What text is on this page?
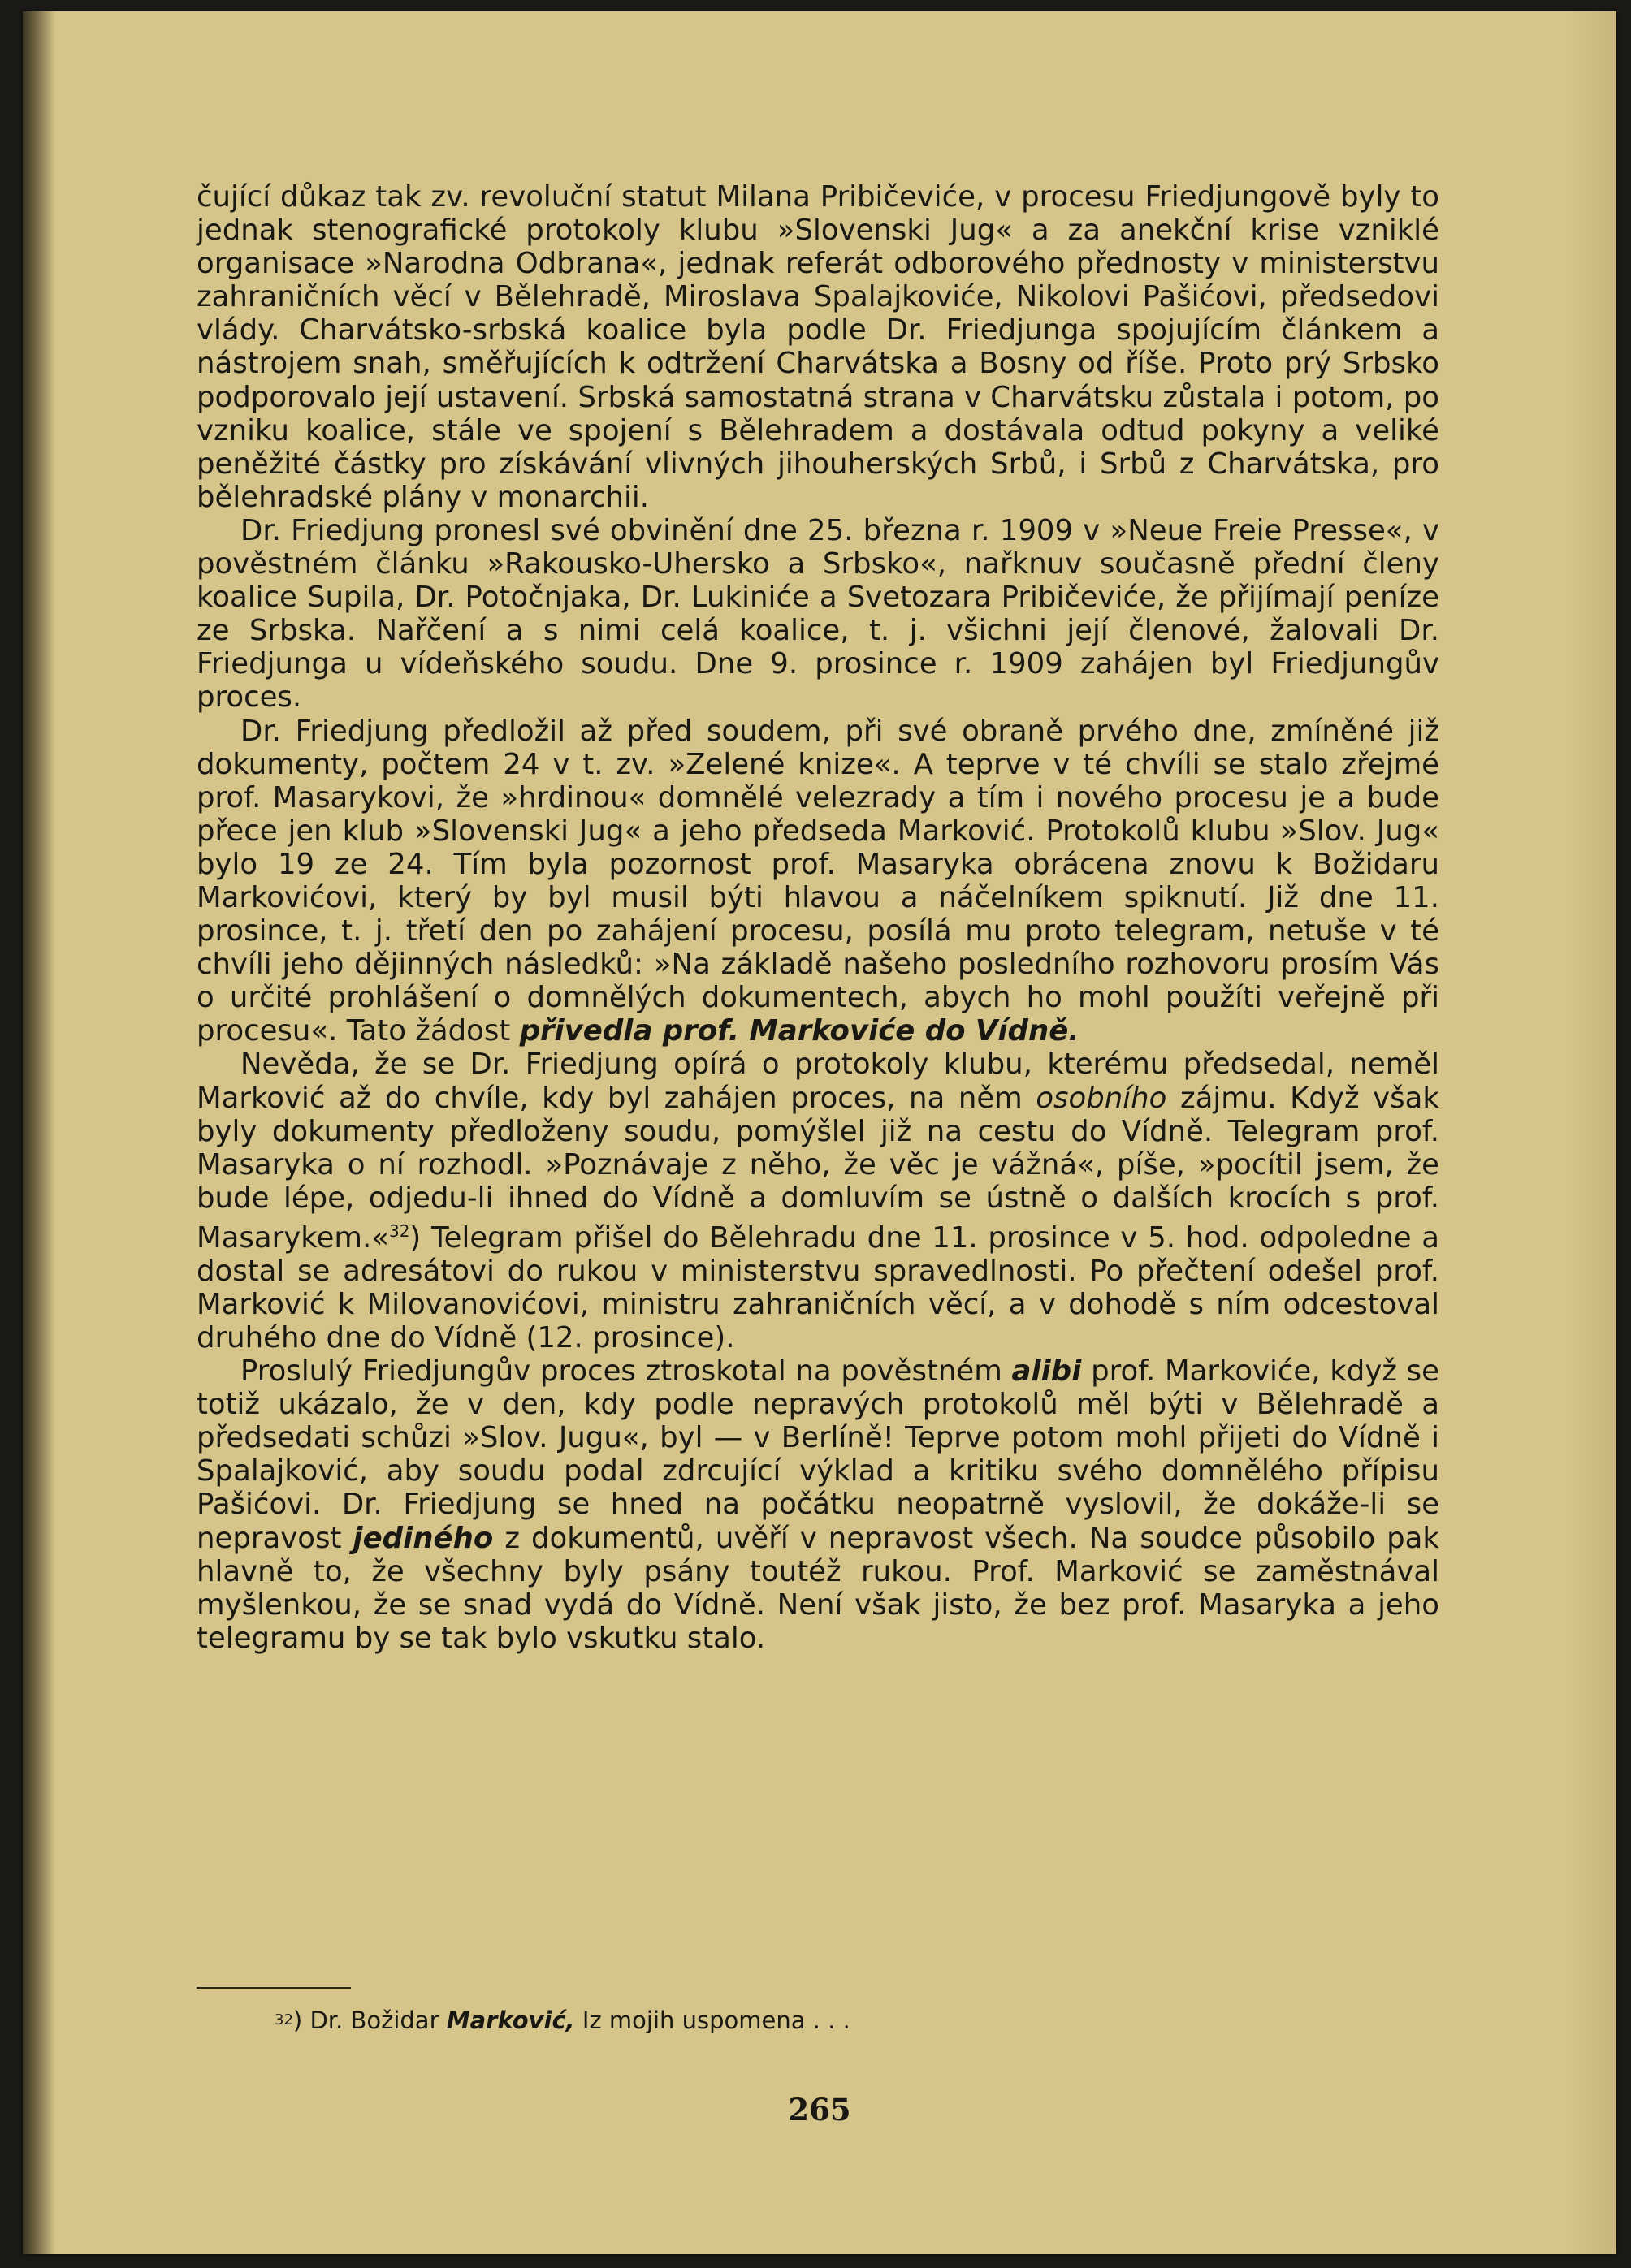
čující důkaz tak zv. revoluční statut Milana Pribičeviće, v procesu Friedjungově byly to jednak stenografické protokoly klubu »Slovenski Jug« a za anekční krise vzniklé organisace »Narodna Odbrana«, jednak referát odborového přednosty v ministerstvu zahraničních věcí v Bělehradě, Miroslava Spalajkoviće, Nikolovi Pašićovi, předsedovi vlády. Charvátsko-srbská koalice byla podle Dr. Friedjunga spojujícím článkem a nástrojem snah, směřujících k odtržení Charvátska a Bosny od říše. Proto prý Srbsko podporovalo její ustavení. Srbská samostatná strana v Charvátsku zůstala i potom, po vzniku koalice, stále ve spojení s Bělehradem a dostávala odtud pokyny a veliké peněžité částky pro získávání vlivných jihouherských Srbů, i Srbů z Charvátska, pro bělehradské plány v monarchii.

Dr. Friedjung pronesl své obvinění dne 25. března r. 1909 v »Neue Freie Presse«, v pověstném článku »Rakousko-Uhersko a Srbsko«, nařknuv současně přední členy koalice Supila, Dr. Potočnjaka, Dr. Lukiniće a Svetozara Pribičeviće, že přijímají peníze ze Srbska. Nařčení a s nimi celá koalice, t. j. všichni její členové, žalovali Dr. Friedjunga u vídeňského soudu. Dne 9. prosince r. 1909 zahájen byl Friedjungův proces.

Dr. Friedjung předložil až před soudem, při své obraně prvého dne, zmíněné již dokumenty, počtem 24 v t. zv. »Zelené knize«. A teprve v té chvíli se stalo zřejmé prof. Masarykovi, že »hrdinou« domnělé velezrady a tím i nového procesu je a bude přece jen klub »Slovenski Jug« a jeho předseda Marković. Protokolů klubu »Slov. Jug« bylo 19 ze 24. Tím byla pozornost prof. Masaryka obrácena znovu k Božidaru Markovićovi, který by byl musil býti hlavou a náčelníkem spiknutí. Již dne 11. prosince, t. j. třetí den po zahájení procesu, posílá mu proto telegram, netuše v té chvíli jeho dějinných následků: »Na základě našeho posledního rozhovoru prosím Vás o určité prohlášení o domnělých dokumentech, abych ho mohl použíti veřejně při procesu«. Tato žádost přivedla prof. Markoviće do Vídně.

Nevěda, že se Dr. Friedjung opírá o protokoly klubu, kterému předsedal, neměl Marković až do chvíle, kdy byl zahájen proces, na něm osobního zájmu. Když však byly dokumenty předloženy soudu, pomýšlel již na cestu do Vídně. Telegram prof. Masaryka o ní rozhodl. »Poznávaje z něho, že věc je vážná«, píše, »pocítil jsem, že bude lépe, odjedu-li ihned do Vídně a domluvím se ústně o dalších krocích s prof. Masarykem.«$^{32}$) Telegram přišel do Bělehradu dne 11. prosince v 5. hod. odpoledne a dostal se adresátovi do rukou v ministerstvu spravedlnosti. Po přečtení odešel prof. Marković k Milovanovićovi, ministru zahraničních věcí, a v dohodě s ním odcestoval druhého dne do Vídně (12. prosince).

Proslulý Friedjungův proces ztroskotal na pověstném alibi prof. Markoviće, když se totiž ukázalo, že v den, kdy podle nepravých protokolů měl býti v Bělehradě a předsedati schůzi »Slov. Jugu«, byl — v Berlíně! Teprve potom mohl přijeti do Vídně i Spalajković, aby soudu podal zdrcující výklad a kritiku svého domnělého přípisu Pašićovi. Dr. Friedjung se hned na počátku neopatrně vyslovil, že dokáže-li se nepravost jediného z dokumentů, uvěří v nepravost všech. Na soudce působilo pak hlavně to, že všechny byly psány toutéž rukou. Prof. Marković se zaměstnával myšlenkou, že se snad vydá do Vídně. Není však jisto, že bez prof. Masaryka a jeho telegramu by se tak bylo vskutku stalo.

$^{32}$) Dr. Božidar Marković, Iz mojih uspomena . . .
265
